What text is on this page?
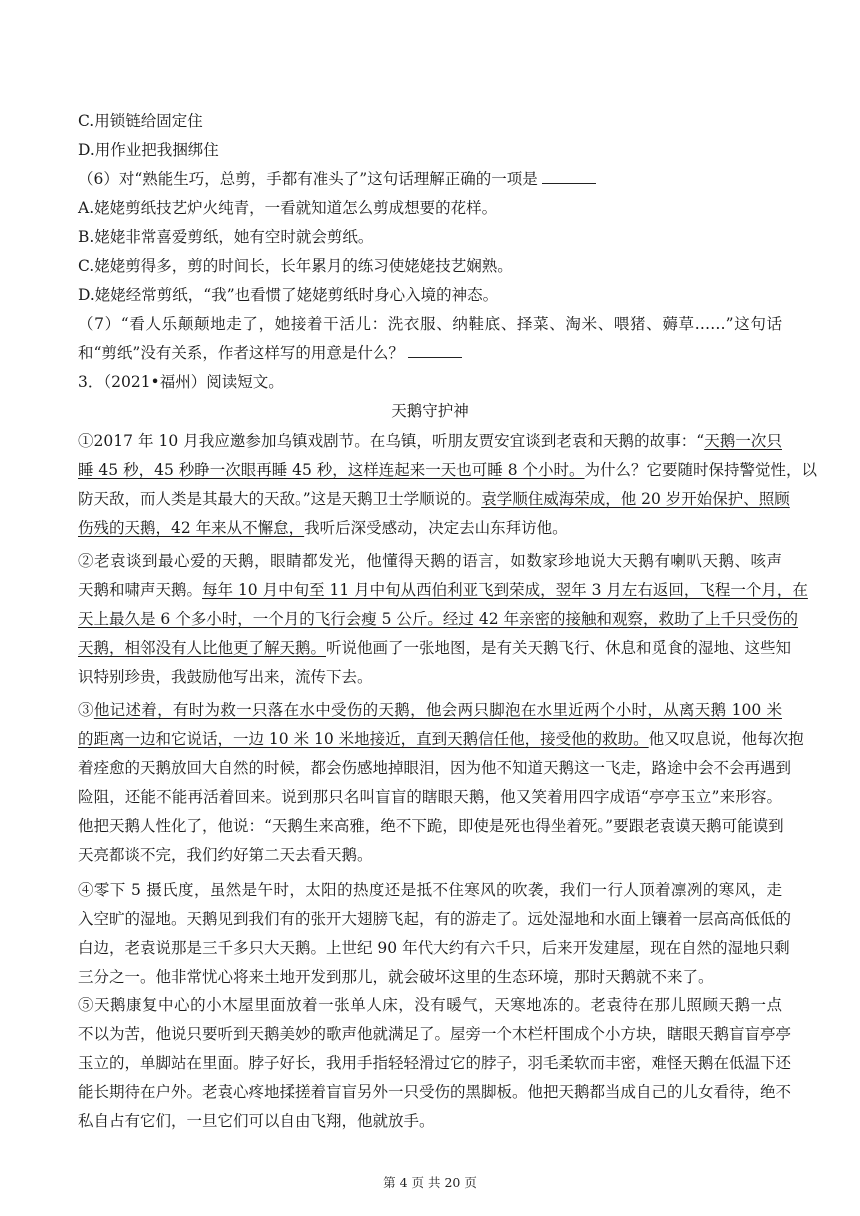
C.用锁链给固定住

D.用作业把我捆绑住

（6）对“熟能生巧，总剪，手都有准头了”这句话理解正确的一项是

A.姥姥剪纸技艺炉火纯青，一看就知道怎么剪成想要的花样。

B.姥姥非常喜爱剪纸，她有空时就会剪纸。

C.姥姥剪得多，剪的时间长，长年累月的练习使姥姥技艺娴熟。

D.姥姥经常剪纸，“我”也看惯了姥姥剪纸时身心入境的神态。

（7）“看人乐颠颠地走了，她接着干活儿：洗衣服、纳鞋底、择菜、淘米、喂猪、薅草……”这句话

和“剪纸”没有关系，作者这样写的用意是什么？

3．（2021•福州）阅读短文。

天鹅守护神

①2017 年 10 月我应邀参加乌镇戏剧节。在乌镇，听朋友贾安宜谈到老袁和天鹅的故事：“天鹅一次只

睡 45 秒，45 秒睁一次眼再睡 45 秒，这样连起来一天也可睡 8 个小时。为什么？它要随时保持警觉性，以

防天敌，而人类是其最大的天敌。”这是天鹅卫士学顺说的。袁学顺住威海荣成，他 20 岁开始保护、照顾

伤残的天鹅，42 年来从不懈怠，我听后深受感动，决定去山东拜访他。

②老袁谈到最心爱的天鹅，眼睛都发光，他懂得天鹅的语言，如数家珍地说大天鹅有喇叭天鹅、咳声

天鹅和啸声天鹅。每年 10 月中旬至 11 月中旬从西伯利亚飞到荣成，翌年 3 月左右返回，飞程一个月，在

天上最久是 6 个多小时，一个月的飞行会瘦 5 公斤。经过 42 年亲密的接触和观察，救助了上千只受伤的

天鹅，相邻没有人比他更了解天鹅。听说他画了一张地图，是有关天鹅飞行、休息和觅食的湿地、这些知

识特别珍贵，我鼓励他写出来，流传下去。

③他记述着，有时为救一只落在水中受伤的天鹅，他会两只脚泡在水里近两个小时，从离天鹅 100 米

的距离一边和它说话，一边 10 米 10 米地接近，直到天鹅信任他，接受他的救助。他又叹息说，他每次抱

着痊愈的天鹅放回大自然的时候，都会伤感地掉眼泪，因为他不知道天鹅这一飞走，路途中会不会再遇到

险阻，还能不能再活着回来。说到那只名叫盲盲的瞎眼天鹅，他又笑着用四字成语“亭亭玉立”来形容。

他把天鹅人性化了，他说：“天鹅生来高雅，绝不下跪，即使是死也得坐着死。”要跟老袁谟天鹅可能谟到

天亮都谈不完，我们约好第二天去看天鹅。

④零下 5 摄氏度，虽然是午时，太阳的热度还是抵不住寒风的吹袭，我们一行人顶着凛冽的寒风，走

入空旷的湿地。天鹅见到我们有的张开大翅膀飞起，有的游走了。远处湿地和水面上镶着一层高高低低的

白边，老袁说那是三千多只大天鹅。上世纪 90 年代大约有六千只，后来开发建屋，现在自然的湿地只剩

三分之一。他非常忧心将来土地开发到那儿，就会破坏这里的生态环境，那时天鹅就不来了。

⑤天鹅康复中心的小木屋里面放着一张单人床，没有暖气，天寒地冻的。老袁待在那儿照顾天鹅一点

不以为苦，他说只要听到天鹅美妙的歌声他就满足了。屋旁一个木栏杆围成个小方块，瞎眼天鹅盲盲亭亭

玉立的，单脚站在里面。脖子好长，我用手指轻轻滑过它的脖子，羽毛柔软而丰密，难怪天鹅在低温下还

能长期待在户外。老袁心疼地揉搓着盲盲另外一只受伤的黑脚板。他把天鹅都当成自己的儿女看待，绝不

私自占有它们，一旦它们可以自由飞翔，他就放手。

第 4 页 共 20 页
